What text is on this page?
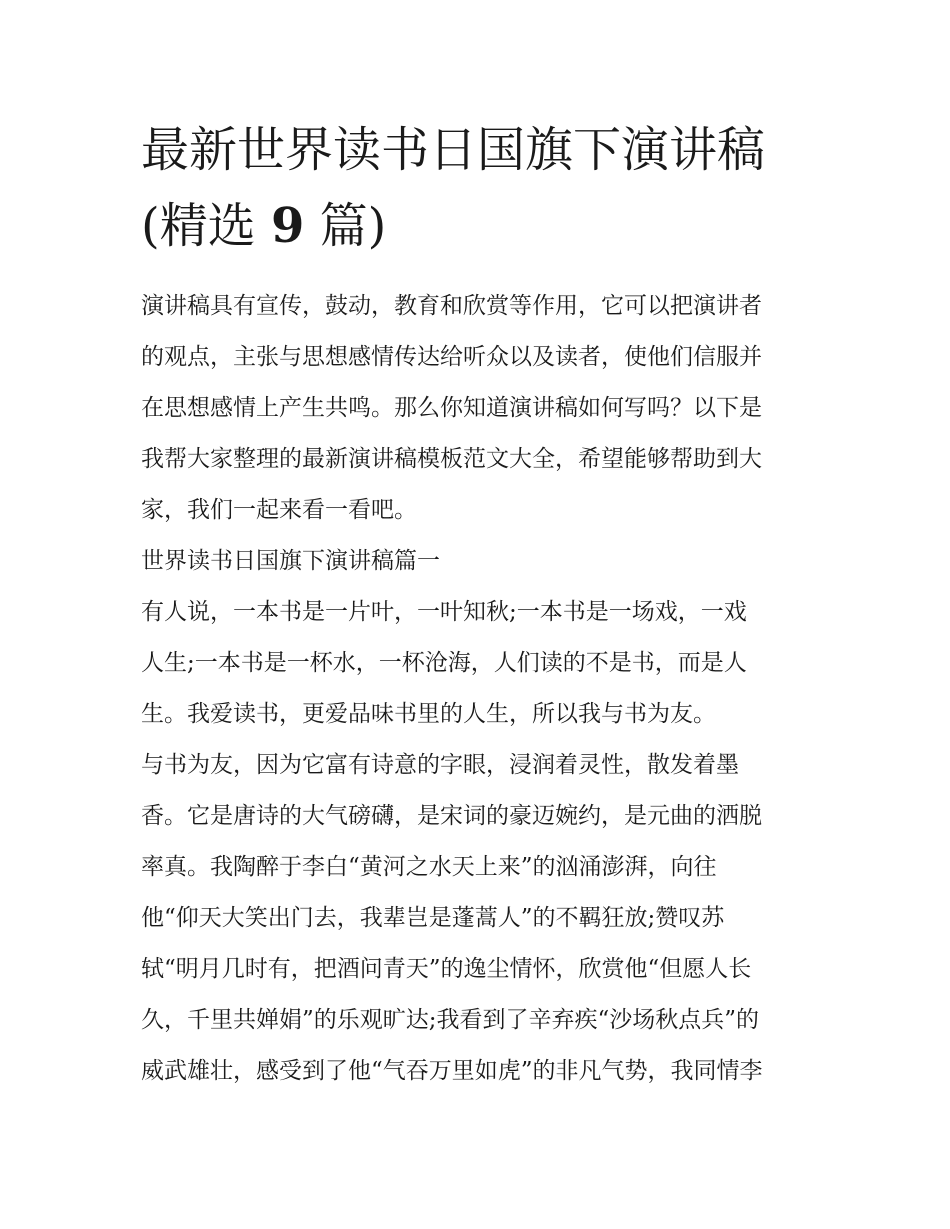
最新世界读书日国旗下演讲稿
(精选 9 篇)

演讲稿具有宣传，鼓动，教育和欣赏等作用，它可以把演讲者
的观点，主张与思想感情传达给听众以及读者，使他们信服并
在思想感情上产生共鸣。那么你知道演讲稿如何写吗？以下是
我帮大家整理的最新演讲稿模板范文大全，希望能够帮助到大
家，我们一起来看一看吧。

世界读书日国旗下演讲稿篇一

有人说，一本书是一片叶，一叶知秋;一本书是一场戏，一戏
人生;一本书是一杯水，一杯沧海，人们读的不是书，而是人
生。我爱读书，更爱品味书里的人生，所以我与书为友。

与书为友，因为它富有诗意的字眼，浸润着灵性，散发着墨
香。它是唐诗的大气磅礴，是宋词的豪迈婉约，是元曲的洒脱
率真。我陶醉于李白“黄河之水天上来”的汹涌澎湃，向往
他“仰天大笑出门去，我辈岂是蓬蒿人”的不羁狂放;赞叹苏
轼“明月几时有，把酒问青天”的逸尘情怀，欣赏他“但愿人长
久，千里共婵娟”的乐观旷达;我看到了辛弃疾“沙场秋点兵”的
威武雄壮，感受到了他“气吞万里如虎”的非凡气势，我同情李
